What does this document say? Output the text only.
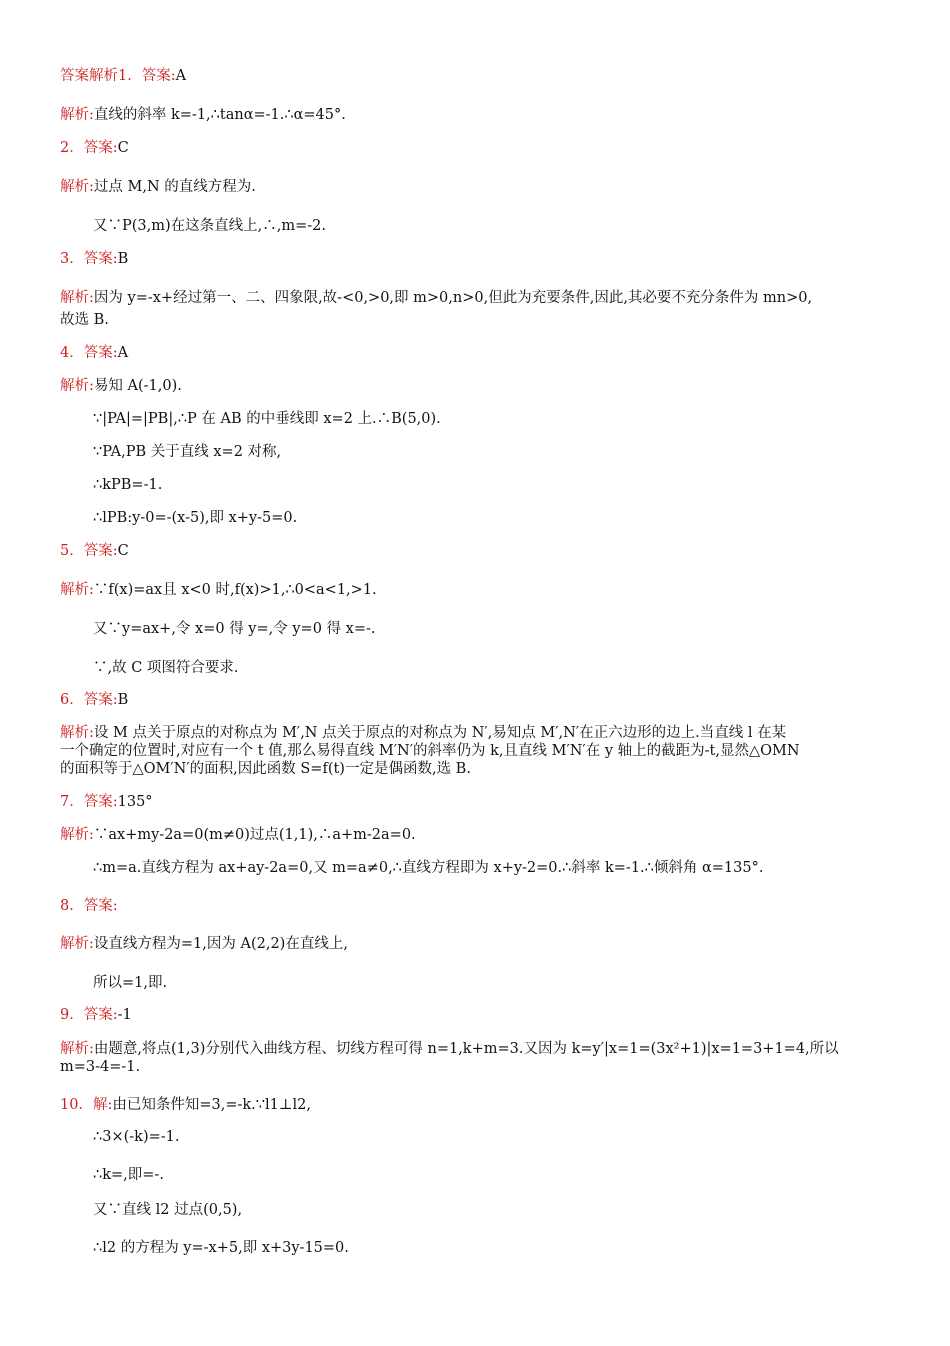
答案解析1．答案:A
解析:直线的斜率 k=-1,∴tanα=-1.∴α=45°.
2．答案:C
解析:过点 M,N 的直线方程为.
又∵P(3,m)在这条直线上,∴,m=-2.
3．答案:B
解析:因为 y=-x+经过第一、二、四象限,故-<0,>0,即 m>0,n>0,但此为充要条件,因此,其必要不充分条件为 mn>0,
故选 B.
4．答案:A
解析:易知 A(-1,0).
∵|PA|=|PB|,∴P 在 AB 的中垂线即 x=2 上.∴B(5,0).
∵PA,PB 关于直线 x=2 对称,
∴kPB=-1.
∴lPB:y-0=-(x-5),即 x+y-5=0.
5．答案:C
解析:∵f(x)=ax且 x<0 时,f(x)>1,∴0<a<1,>1.
又∵y=ax+,令 x=0 得 y=,令 y=0 得 x=-.
∵,故 C 项图符合要求.
6．答案:B
解析:设 M 点关于原点的对称点为 M′,N 点关于原点的对称点为 N′,易知点 M′,N′在正六边形的边上.当直线 l 在某
一个确定的位置时,对应有一个 t 值,那么易得直线 M′N′的斜率仍为 k,且直线 M′N′在 y 轴上的截距为-t,显然△OMN
的面积等于△OM′N′的面积,因此函数 S=f(t)一定是偶函数,选 B.
7．答案:135°
解析:∵ax+my-2a=0(m≠0)过点(1,1),∴a+m-2a=0.
∴m=a.直线方程为 ax+ay-2a=0,又 m=a≠0,∴直线方程即为 x+y-2=0.∴斜率 k=-1.∴倾斜角 α=135°.
8．答案:
解析:设直线方程为=1,因为 A(2,2)在直线上,
所以=1,即.
9．答案:-1
解析:由题意,将点(1,3)分别代入曲线方程、切线方程可得 n=1,k+m=3.又因为 k=y′|x=1=(3x²+1)|x=1=3+1=4,所以
m=3-4=-1.
10．解:由已知条件知=3,=-k.∵l1⊥l2,
∴3×(-k)=-1.
∴k=,即=-.
又∵直线 l2 过点(0,5),
∴l2 的方程为 y=-x+5,即 x+3y-15=0.
